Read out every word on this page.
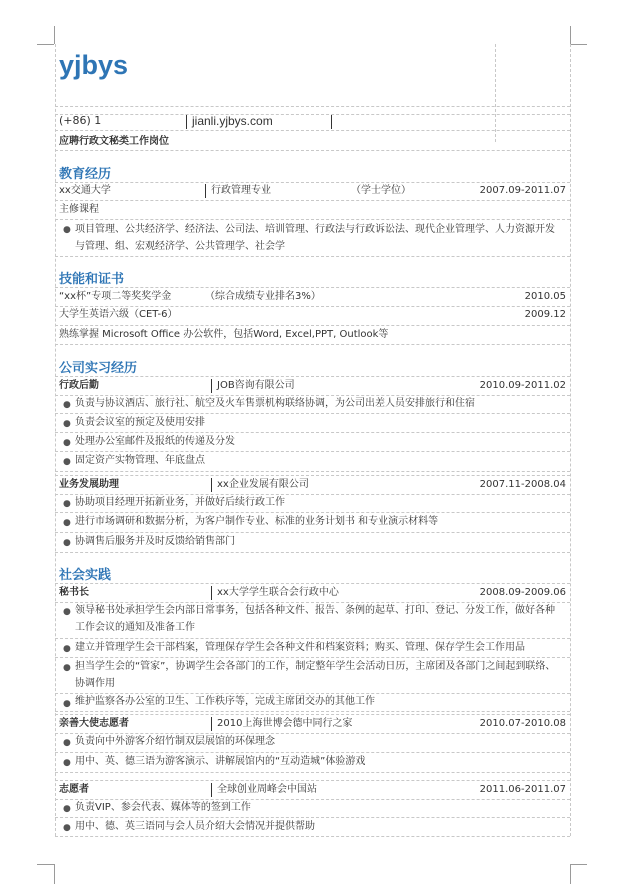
yjbys
(+86) 1	jianli.yjbys.com
应聘行政文秘类工作岗位
教育经历
xx交通大学	行政管理专业	（学士学位）	2007.09-2011.07
主修课程
● 项目管理、公共经济学、经济法、公司法、培训管理、行政法与行政诉讼法、现代企业管理学、人力资源开发与管理、组、宏观经济学、公共管理学、社会学
技能和证书
“xx杯”专项二等奖奖学金	（综合成绩专业排名3%）	2010.05
大学生英语六级（CET-6）	2009.12
熟练掌握 Microsoft Office 办公软件，包括Word, Excel,PPT, Outlook等
公司实习经历
行政后勤	JOB咨询有限公司	2010.09-2011.02
● 负责与协议酒店、旅行社、航空及火车售票机构联络协调，为公司出差人员安排旅行和住宿
● 负责会议室的预定及使用安排
● 处理办公室邮件及报纸的传递及分发
● 固定资产实物管理、年底盘点
业务发展助理	xx企业发展有限公司	2007.11-2008.04
● 协助项目经理开拓新业务，并做好后续行政工作
● 进行市场调研和数据分析，为客户制作专业、标准的业务计划书 和专业演示材料等
● 协调售后服务并及时反馈给销售部门
社会实践
秘书长	xx大学学生联合会行政中心	2008.09-2009.06
● 领导秘书处承担学生会内部日常事务，包括各种文件、报告、条例的起草、打印、登记、分发工作，做好各种工作会议的通知及准备工作
● 建立并管理学生会干部档案，管理保存学生会各种文件和档案资料；购买、管理、保存学生会工作用品
● 担当学生会的“管家”，协调学生会各部门的工作，制定整年学生会活动日历，主席团及各部门之间起到联络、协调作用
● 维护监察各办公室的卫生、工作秩序等，完成主席团交办的其他工作
亲善大使志愿者	2010上海世博会德中同行之家	2010.07-2010.08
● 负责向中外游客介绍竹制双层展馆的环保理念
● 用中、英、德三语为游客演示、讲解展馆内的“互动造城”体验游戏
志愿者	全球创业周峰会中国站	2011.06-2011.07
● 负责VIP、参会代表、媒体等的签到工作
● 用中、德、英三语同与会人员介绍大会情况并提供帮助
